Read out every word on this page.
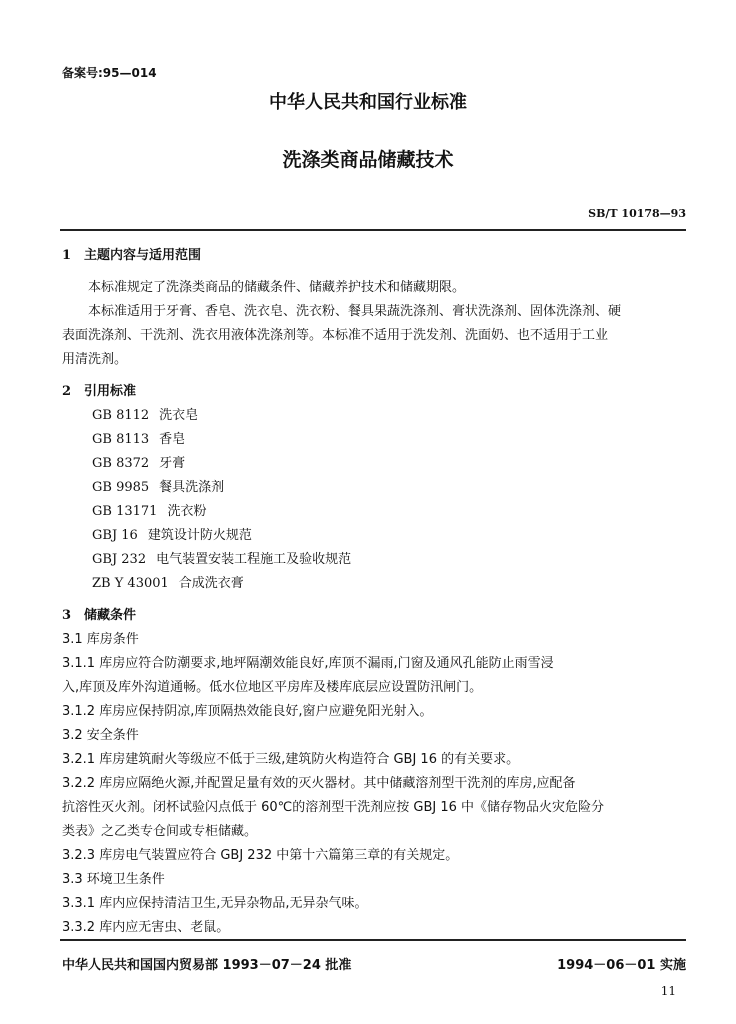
备案号:95—014
中华人民共和国行业标准
洗涤类商品储藏技术
SB/T 10178—93
1 主题内容与适用范围
本标准规定了洗涤类商品的储藏条件、储藏养护技术和储藏期限。
本标准适用于牙膏、香皂、洗衣皂、洗衣粉、餐具果蔬洗涤剂、膏状洗涤剂、固体洗涤剂、硬
表面洗涤剂、干洗剂、洗衣用液体洗涤剂等。本标准不适用于洗发剂、洗面奶、也不适用于工业
用清洗剂。
2 引用标准
GB 8112 洗衣皂
GB 8113 香皂
GB 8372 牙膏
GB 9985 餐具洗涤剂
GB 13171 洗衣粉
GBJ 16 建筑设计防火规范
GBJ 232 电气装置安装工程施工及验收规范
ZB Y 43001 合成洗衣膏
3 储藏条件
3.1 库房条件
3.1.1 库房应符合防潮要求,地坪隔潮效能良好,库顶不漏雨,门窗及通风孔能防止雨雪浸
入,库顶及库外沟道通畅。低水位地区平房库及楼库底层应设置防汛闸门。
3.1.2 库房应保持阴凉,库顶隔热效能良好,窗户应避免阳光射入。
3.2 安全条件
3.2.1 库房建筑耐火等级应不低于三级,建筑防火构造符合 GBJ 16 的有关要求。
3.2.2 库房应隔绝火源,并配置足量有效的灭火器材。其中储藏溶剂型干洗剂的库房,应配备
抗溶性灭火剂。闭杯试验闪点低于 60℃的溶剂型干洗剂应按 GBJ 16 中《储存物品火灾危险分
类表》之乙类专仓间或专柜储藏。
3.2.3 库房电气装置应符合 GBJ 232 中第十六篇第三章的有关规定。
3.3 环境卫生条件
3.3.1 库内应保持清洁卫生,无异杂物品,无异杂气味。
3.3.2 库内应无害虫、老鼠。
中华人民共和国国内贸易部 1993－07－24 批准	1994－06－01 实施
11
